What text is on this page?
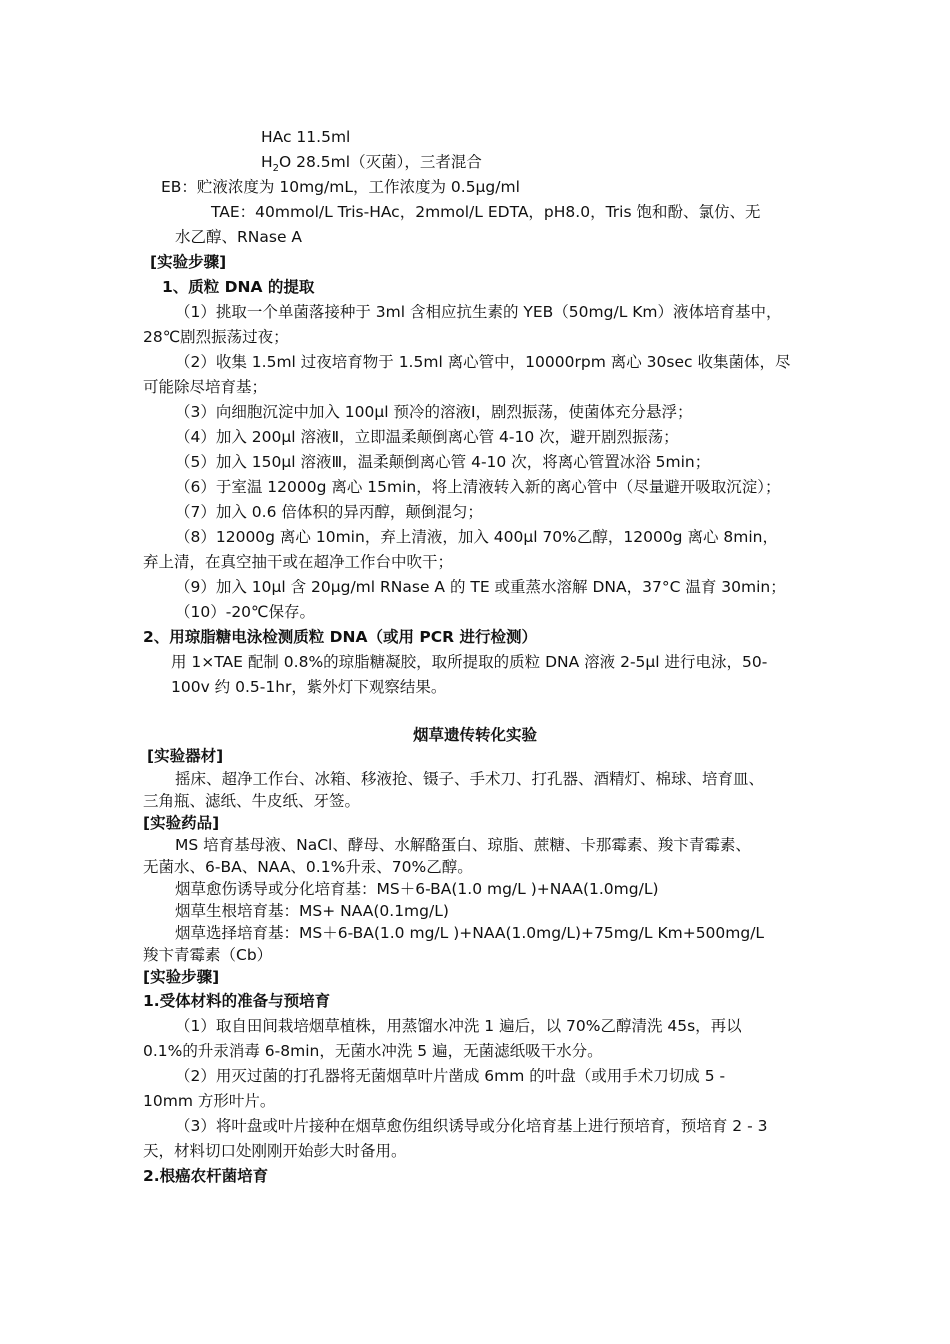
HAc 11.5ml
$H_2O$ 28.5ml（灭菌），三者混合
EB：贮液浓度为 10mg/mL，工作浓度为 0.5μg/ml
TAE：40mmol/L Tris-HAc，2mmol/L EDTA，pH8.0，Tris 饱和酚、氯仿、无
水乙醇、RNase A
[实验步骤]
1、质粒 DNA 的提取
（1）挑取一个单菌落接种于 3ml 含相应抗生素的 YEB（50mg/L Km）液体培育基中，
28℃剧烈振荡过夜；
（2）收集 1.5ml 过夜培育物于 1.5ml 离心管中，10000rpm 离心 30sec 收集菌体，尽
可能除尽培育基；
（3）向细胞沉淀中加入 100μl 预冷的溶液Ⅰ，剧烈振荡，使菌体充分悬浮；
（4）加入 200μl 溶液Ⅱ，立即温柔颠倒离心管 4-10 次，避开剧烈振荡；
（5）加入 150μl 溶液Ⅲ，温柔颠倒离心管 4-10 次，将离心管置冰浴 5min；
（6）于室温 12000g 离心 15min，将上清液转入新的离心管中（尽量避开吸取沉淀）；
（7）加入 0.6 倍体积的异丙醇，颠倒混匀；
（8）12000g 离心 10min，弃上清液，加入 400μl 70%乙醇，12000g 离心 8min，
弃上清，在真空抽干或在超净工作台中吹干；
（9）加入 10μl 含 20μg/ml RNase A 的 TE 或重蒸水溶解 DNA，37°C 温育 30min；
（10）-20℃保存。
2、用琼脂糖电泳检测质粒 DNA（或用 PCR 进行检测）
用 1×TAE 配制 0.8%的琼脂糖凝胶，取所提取的质粒 DNA 溶液 2-5μl 进行电泳，50-
100v 约 0.5-1hr，紫外灯下观察结果。
烟草遗传转化实验
[实验器材]
摇床、超净工作台、冰箱、移液抢、镊子、手术刀、打孔器、酒精灯、棉球、培育皿、
三角瓶、滤纸、牛皮纸、牙签。
[实验药品]
MS 培育基母液、NaCl、酵母、水解酪蛋白、琼脂、蔗糖、卡那霉素、羧卞青霉素、
无菌水、6-BA、NAA、0.1%升汞、70%乙醇。
烟草愈伤诱导或分化培育基：MS＋6-BA(1.0 mg/L )+NAA(1.0mg/L)
烟草生根培育基：MS+ NAA(0.1mg/L)
烟草选择培育基：MS＋6-BA(1.0 mg/L )+NAA(1.0mg/L)+75mg/L Km+500mg/L
羧卞青霉素（Cb）
[实验步骤]
1.受体材料的准备与预培育
（1）取自田间栽培烟草植株，用蒸馏水冲洗 1 遍后，以 70%乙醇清洗 45s，再以
0.1%的升汞消毒 6-8min，无菌水冲洗 5 遍，无菌滤纸吸干水分。
（2）用灭过菌的打孔器将无菌烟草叶片凿成 6mm 的叶盘（或用手术刀切成 5 -
10mm 方形叶片。
（3）将叶盘或叶片接种在烟草愈伤组织诱导或分化培育基上进行预培育，预培育 2 - 3
天，材料切口处刚刚开始彭大时备用。
2.根癌农杆菌培育
